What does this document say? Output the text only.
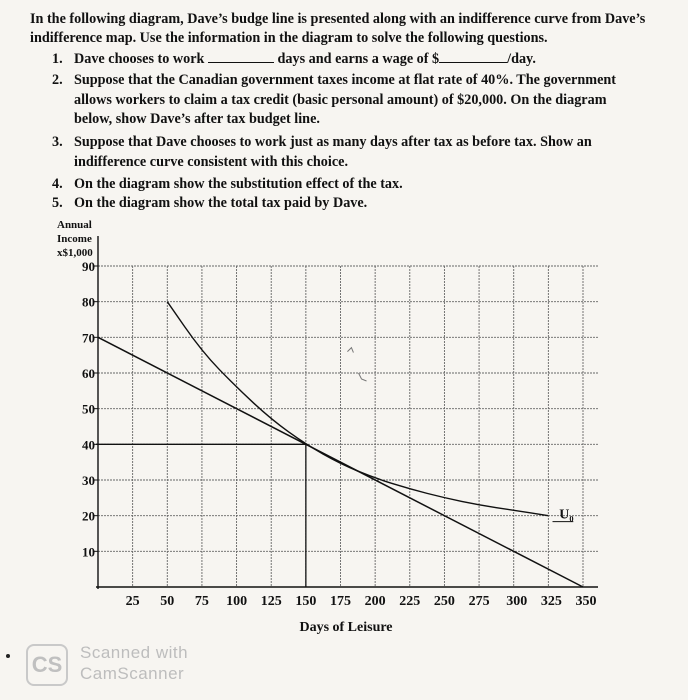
In the following diagram, Dave’s budge line is presented along with an indifference curve from Dave’s indifference map. Use the information in the diagram to solve the following questions.
1. Dave chooses to work	days and earns a wage of $	/day.
2. Suppose that the Canadian government taxes income at flat rate of 40%. The government
allows workers to claim a tax credit (basic personal amount) of $20,000. On the diagram
below, show Dave’s after tax budget line.
3. Suppose that Dave chooses to work just as many days after tax as before tax. Show an
indifference curve consistent with this choice.
4. On the diagram show the substitution effect of the tax.
5. On the diagram show the total tax paid by Dave.
Annual
Income
x$1,000
90
80
70
60
50
40
30
20
10
25 50 75 100 125 150 175 200 225 250 275 300 325 350
Days of Leisure
U₀
CS	Scanned with
CamScanner
